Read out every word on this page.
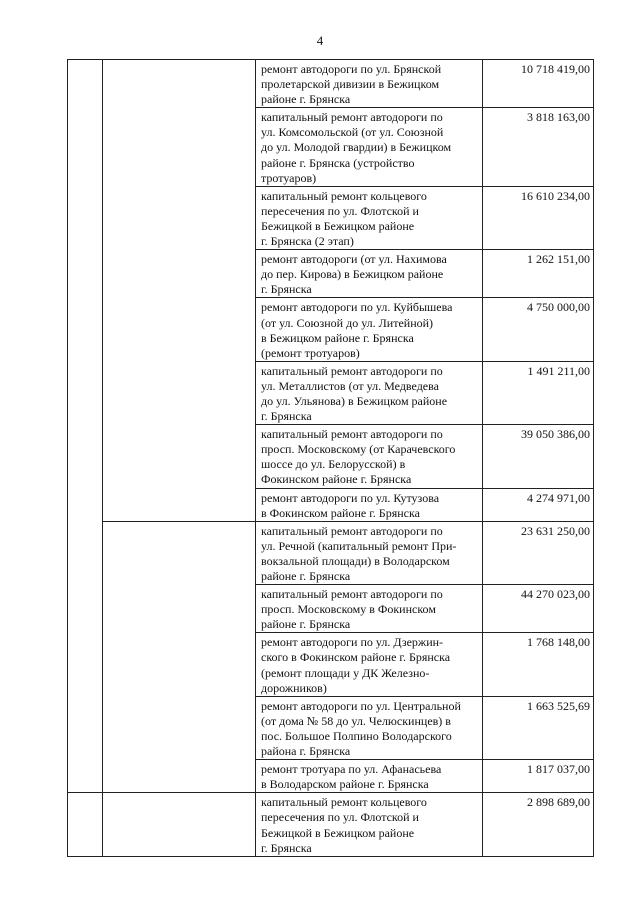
4

		ремонт автодороги по ул. Брянской
пролетарской дивизии в Бежицком
районе г. Брянска	10 718 419,00

		капитальный ремонт автодороги по
ул. Комсомольской (от ул. Союзной
до ул. Молодой гвардии) в Бежицком
районе г. Брянска (устройство
тротуаров)	3 818 163,00

		капитальный ремонт кольцевого
пересечения по ул. Флотской и
Бежицкой в Бежицком районе
г. Брянска (2 этап)	16 610 234,00

		ремонт автодороги (от ул. Нахимова
до пер. Кирова) в Бежицком районе
г. Брянска	1 262 151,00

		ремонт автодороги по ул. Куйбышева
(от ул. Союзной до ул. Литейной)
в Бежицком районе г. Брянска
(ремонт тротуаров)	4 750 000,00

		капитальный ремонт автодороги по
ул. Металлистов (от ул. Медведева
до ул. Ульянова) в Бежицком районе
г. Брянска	1 491 211,00

		капитальный ремонт автодороги по
просп. Московскому (от Карачевского
шоссе до ул. Белорусской) в
Фокинском районе г. Брянска	39 050 386,00

		ремонт автодороги по ул. Кутузова
в Фокинском районе г. Брянска	4 274 971,00

		капитальный ремонт автодороги по
ул. Речной (капитальный ремонт При-
вокзальной площади) в Володарском
районе г. Брянска	23 631 250,00

		капитальный ремонт автодороги по
просп. Московскому в Фокинском
районе г. Брянска	44 270 023,00

		ремонт автодороги по ул. Дзержин-
ского в Фокинском районе г. Брянска
(ремонт площади у ДК Железно-
дорожников)	1 768 148,00

		ремонт автодороги по ул. Центральной
(от дома № 58 до ул. Челюскинцев) в
пос. Большое Полпино Володарского
района г. Брянска	1 663 525,69

		ремонт тротуара по ул. Афанасьева
в Володарском районе г. Брянска	1 817 037,00

		капитальный ремонт кольцевого
пересечения по ул. Флотской и
Бежицкой в Бежицком районе
г. Брянска	2 898 689,00
